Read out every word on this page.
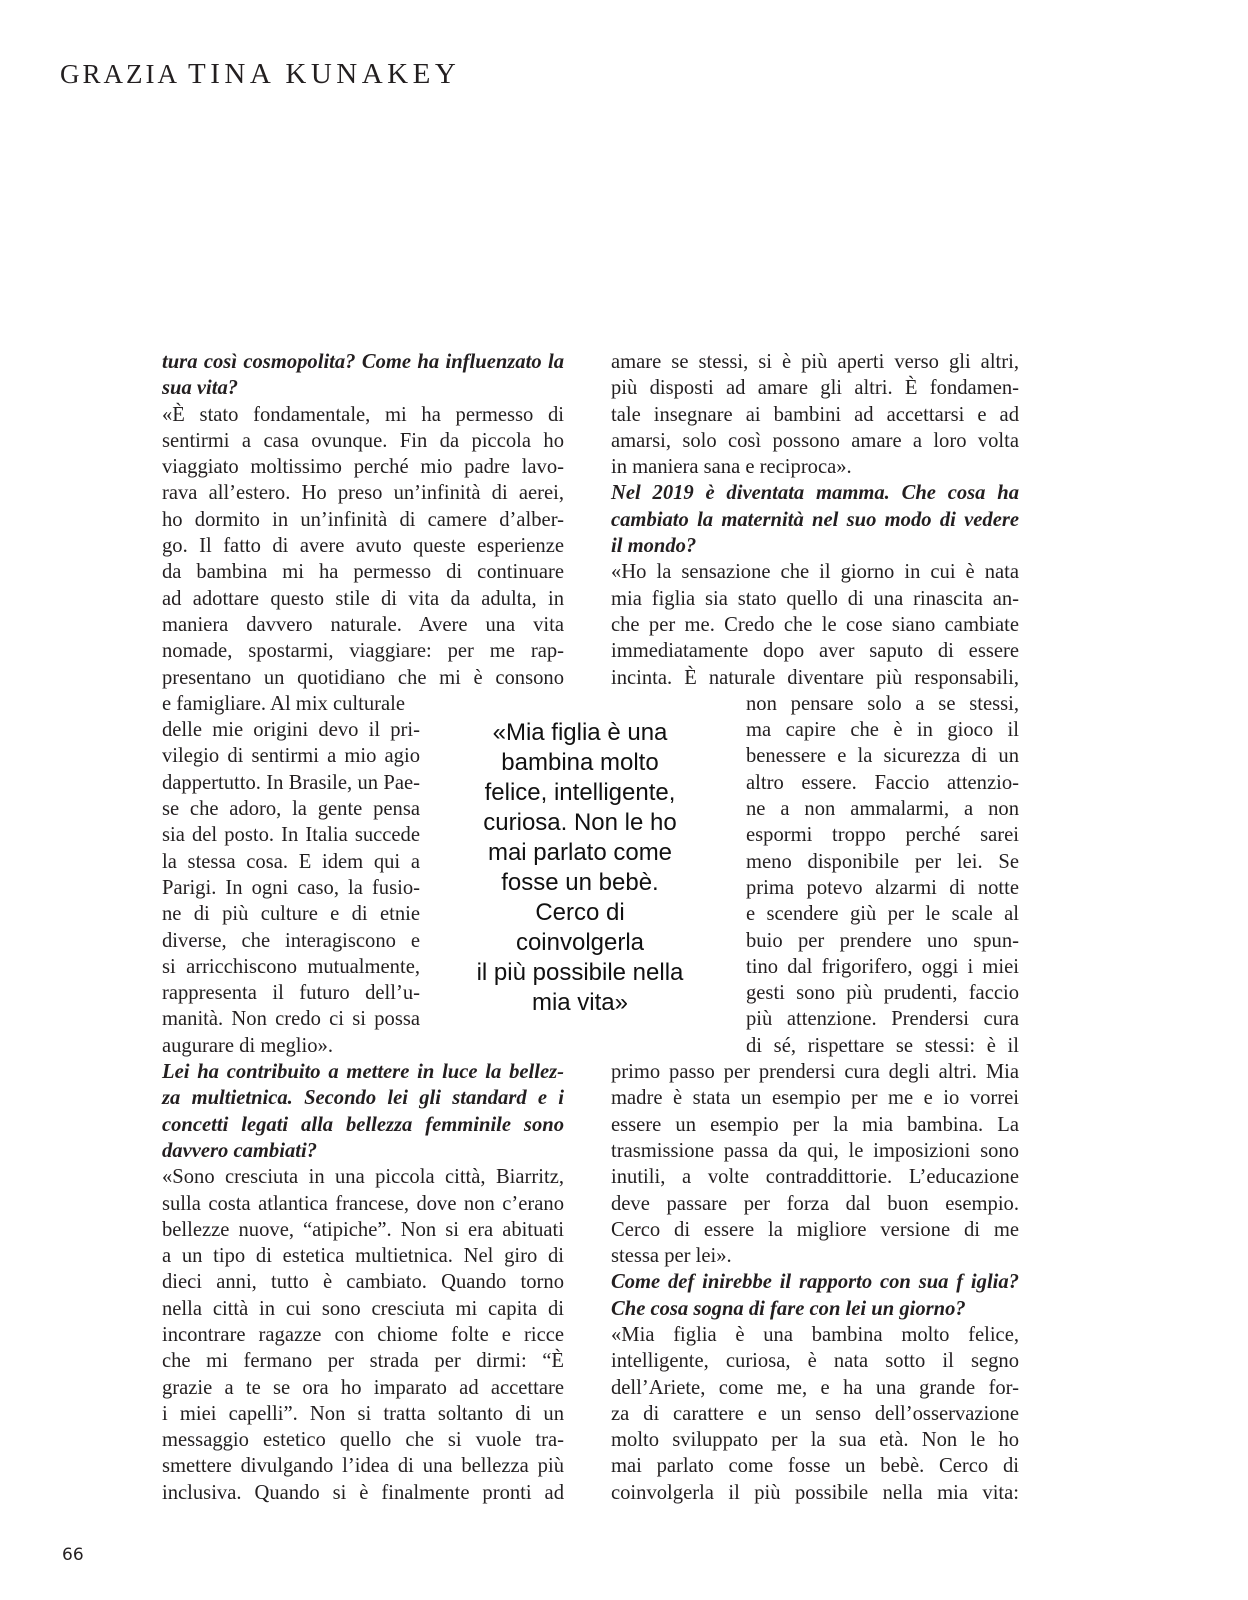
GRAZIA TINA KUNAKEY
tura così cosmopolita? Come ha influenzato la
sua vita?
«È stato fondamentale, mi ha permesso di
sentirmi a casa ovunque. Fin da piccola ho
viaggiato moltissimo perché mio padre lavo-
rava all’estero. Ho preso un’infinità di aerei,
ho dormito in un’infinità di camere d’alber-
go. Il fatto di avere avuto queste esperienze
da bambina mi ha permesso di continuare
ad adottare questo stile di vita da adulta, in
maniera davvero naturale. Avere una vita
nomade, spostarmi, viaggiare: per me rap-
presentano un quotidiano che mi è consono
e famigliare. Al mix culturale
delle mie origini devo il pri-
vilegio di sentirmi a mio agio
dappertutto. In Brasile, un Pae-
se che adoro, la gente pensa
sia del posto. In Italia succede
la stessa cosa. E idem qui a
Parigi. In ogni caso, la fusio-
ne di più culture e di etnie
diverse, che interagiscono e
si arricchiscono mutualmente,
rappresenta il futuro dell’u-
manità. Non credo ci si possa
augurare di meglio».
Lei ha contribuito a mettere in luce la bellez-
za multietnica. Secondo lei gli standard e i
concetti legati alla bellezza femminile sono
davvero cambiati?
«Sono cresciuta in una piccola città, Biarritz,
sulla costa atlantica francese, dove non c’erano
bellezze nuove, “atipiche”. Non si era abituati
a un tipo di estetica multietnica. Nel giro di
dieci anni, tutto è cambiato. Quando torno
nella città in cui sono cresciuta mi capita di
incontrare ragazze con chiome folte e ricce
che mi fermano per strada per dirmi: “È
grazie a te se ora ho imparato ad accettare
i miei capelli”. Non si tratta soltanto di un
messaggio estetico quello che si vuole tra-
smettere divulgando l’idea di una bellezza più
inclusiva. Quando si è finalmente pronti ad
amare se stessi, si è più aperti verso gli altri,
più disposti ad amare gli altri. È fondamen-
tale insegnare ai bambini ad accettarsi e ad
amarsi, solo così possono amare a loro volta
in maniera sana e reciproca».
Nel 2019 è diventata mamma. Che cosa ha
cambiato la maternità nel suo modo di vedere
il mondo?
«Ho la sensazione che il giorno in cui è nata
mia figlia sia stato quello di una rinascita an-
che per me. Credo che le cose siano cambiate
immediatamente dopo aver saputo di essere
incinta. È naturale diventare più responsabili,
non pensare solo a se stessi,
ma capire che è in gioco il
benessere e la sicurezza di un
altro essere. Faccio attenzio-
ne a non ammalarmi, a non
espormi troppo perché sarei
meno disponibile per lei. Se
prima potevo alzarmi di notte
e scendere giù per le scale al
buio per prendere uno spun-
tino dal frigorifero, oggi i miei
gesti sono più prudenti, faccio
più attenzione. Prendersi cura
di sé, rispettare se stessi: è il
primo passo per prendersi cura degli altri. Mia
madre è stata un esempio per me e io vorrei
essere un esempio per la mia bambina. La
trasmissione passa da qui, le imposizioni sono
inutili, a volte contraddittorie. L’educazione
deve passare per forza dal buon esempio.
Cerco di essere la migliore versione di me
stessa per lei».
Come def inirebbe il rapporto con sua f iglia?
Che cosa sogna di fare con lei un giorno?
«Mia figlia è una bambina molto felice,
intelligente, curiosa, è nata sotto il segno
dell’Ariete, come me, e ha una grande for-
za di carattere e un senso dell’osservazione
molto sviluppato per la sua età. Non le ho
mai parlato come fosse un bebè. Cerco di
coinvolgerla il più possibile nella mia vita:
«Mia figlia è una
bambina molto
felice, intelligente,
curiosa. Non le ho
mai parlato come
fosse un bebè.
Cerco di
coinvolgerla
il più possibile nella
mia vita»
66
